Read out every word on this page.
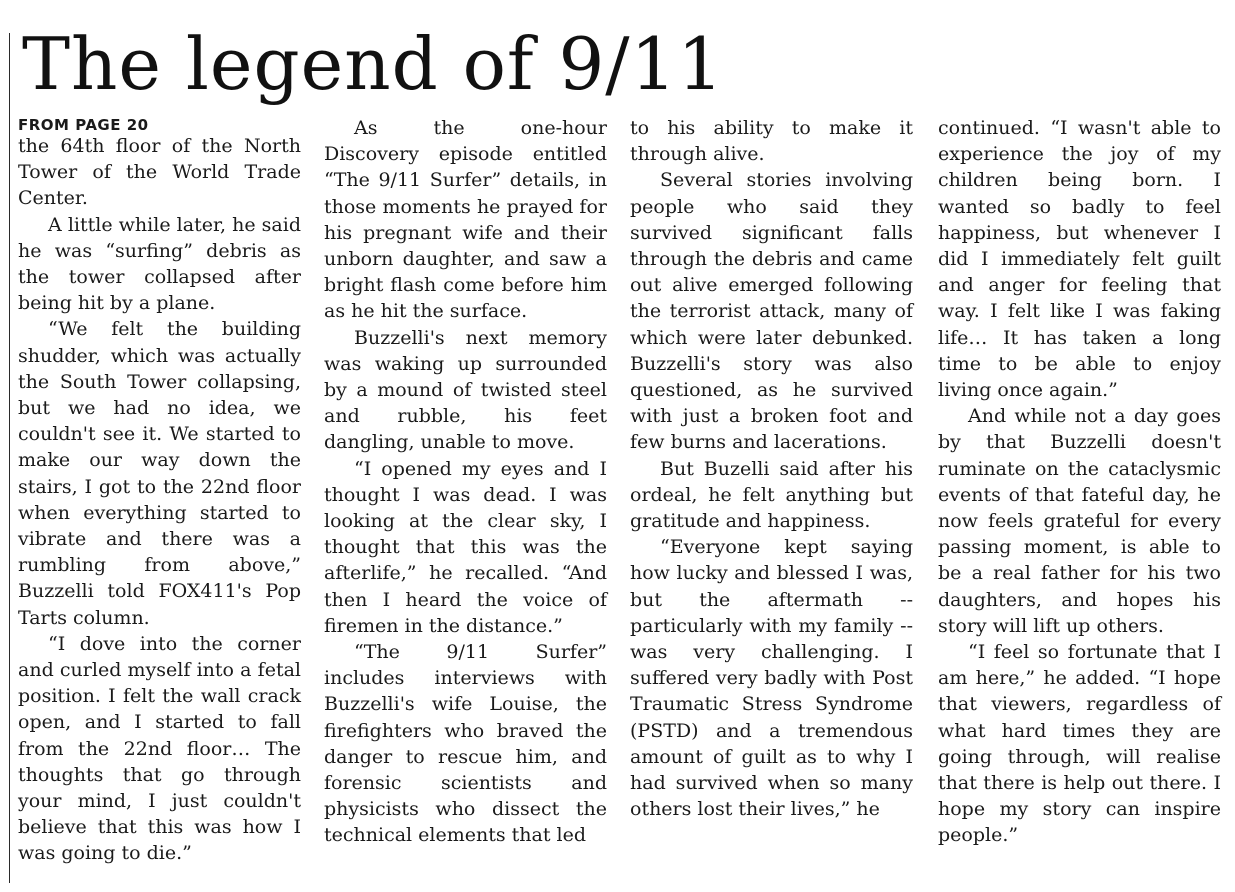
The legend of 9/11
FROM PAGE 20

the 64th floor of the North Tower of the World Trade Center.

A little while later, he said he was “surfing” debris as the tower collapsed after being hit by a plane.

“We felt the building shudder, which was actually the South Tower collapsing, but we had no idea, we couldn't see it. We started to make our way down the stairs, I got to the 22nd floor when everything started to vibrate and there was a rumbling from above,” Buzzelli told FOX411's Pop Tarts column.

“I dove into the corner and curled myself into a fetal position. I felt the wall crack open, and I started to fall from the 22nd floor… The thoughts that go through your mind, I just couldn't believe that this was how I was going to die.”

As the one-hour Discovery episode entitled “The 9/11 Surfer” details, in those moments he prayed for his pregnant wife and their unborn daughter, and saw a bright flash come before him as he hit the surface.

Buzzelli's next memory was waking up surrounded by a mound of twisted steel and rubble, his feet dangling, unable to move.

“I opened my eyes and I thought I was dead. I was looking at the clear sky, I thought that this was the afterlife,” he recalled. “And then I heard the voice of firemen in the distance.”

“The 9/11 Surfer” includes interviews with Buzzelli's wife Louise, the firefighters who braved the danger to rescue him, and forensic scientists and physicists who dissect the technical elements that led

to his ability to make it through alive.

Several stories involving people who said they survived significant falls through the debris and came out alive emerged following the terrorist attack, many of which were later debunked. Buzzelli's story was also questioned, as he survived with just a broken foot and few burns and lacerations.

But Buzelli said after his ordeal, he felt anything but gratitude and happiness.

“Everyone kept saying how lucky and blessed I was, but the aftermath -- particularly with my family -- was very challenging. I suffered very badly with Post Traumatic Stress Syndrome (PSTD) and a tremendous amount of guilt as to why I had survived when so many others lost their lives,” he

continued. “I wasn't able to experience the joy of my children being born. I wanted so badly to feel happiness, but whenever I did I immediately felt guilt and anger for feeling that way. I felt like I was faking life… It has taken a long time to be able to enjoy living once again.”

And while not a day goes by that Buzzelli doesn't ruminate on the cataclysmic events of that fateful day, he now feels grateful for every passing moment, is able to be a real father for his two daughters, and hopes his story will lift up others.

“I feel so fortunate that I am here,” he added. “I hope that viewers, regardless of what hard times they are going through, will realise that there is help out there. I hope my story can inspire people.”
